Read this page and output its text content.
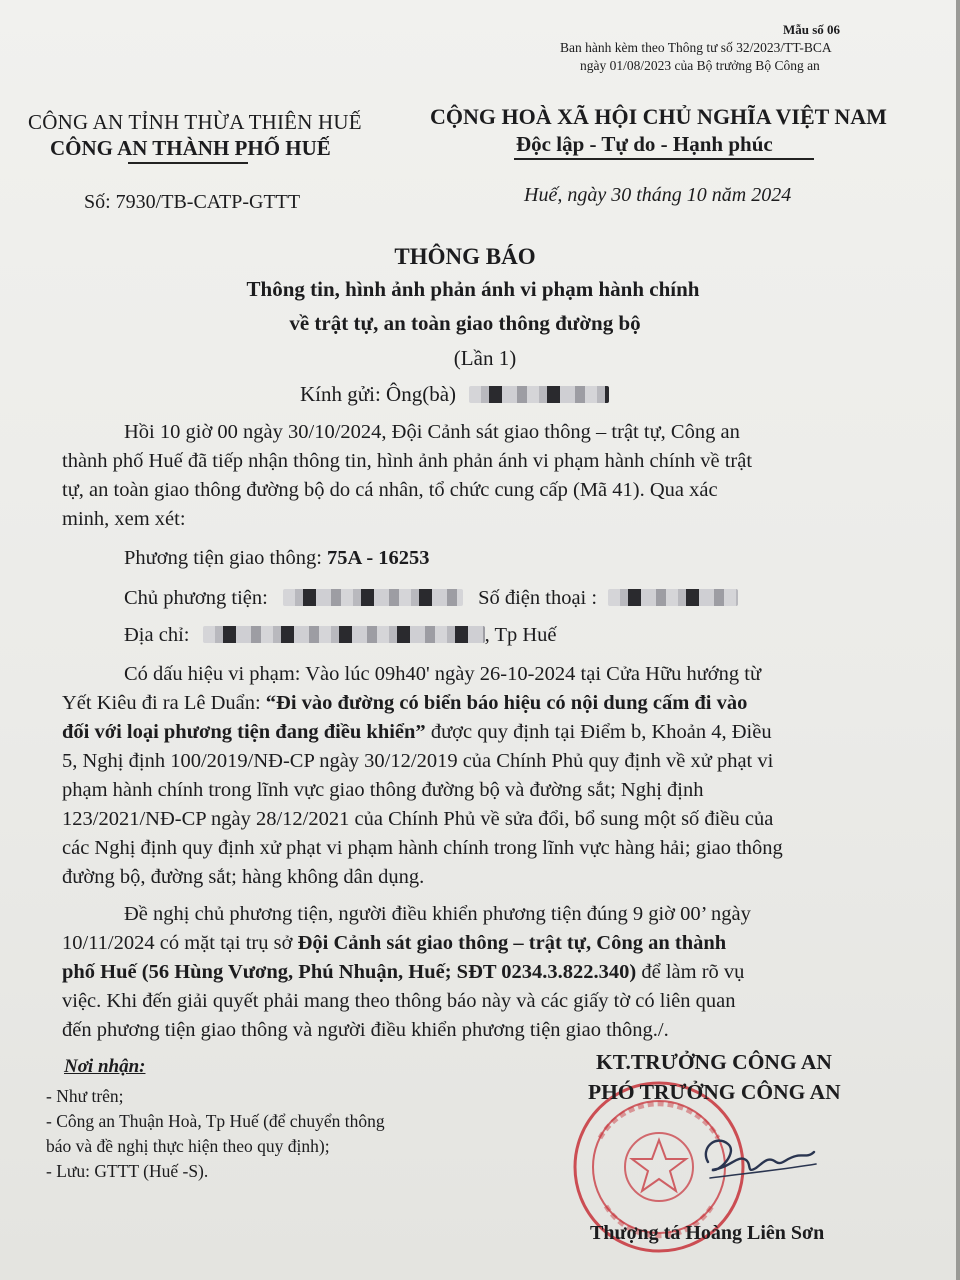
Mẫu số 06
Ban hành kèm theo Thông tư số 32/2023/TT-BCA
ngày 01/08/2023 của Bộ trưởng Bộ Công an
CÔNG AN TỈNH THỪA THIÊN HUẾ
CÔNG AN THÀNH PHỐ HUẾ
CỘNG HOÀ XÃ HỘI CHỦ NGHĨA VIỆT NAM
Độc lập - Tự do - Hạnh phúc
Số: 7930/TB-CATP-GTTT	Huế, ngày 30 tháng 10 năm 2024
THÔNG BÁO
Thông tin, hình ảnh phản ánh vi phạm hành chính
về trật tự, an toàn giao thông đường bộ
(Lần 1)
Kính gửi: Ông(bà)
Hồi 10 giờ 00 ngày 30/10/2024, Đội Cảnh sát giao thông – trật tự, Công an
thành phố Huế đã tiếp nhận thông tin, hình ảnh phản ánh vi phạm hành chính về trật
tự, an toàn giao thông đường bộ do cá nhân, tổ chức cung cấp (Mã 41). Qua xác
minh, xem xét:
Phương tiện giao thông: 75A - 16253
Chủ phương tiện:	Số điện thoại :
Địa chỉ:	, Tp Huế
Có dấu hiệu vi phạm: Vào lúc 09h40' ngày 26-10-2024 tại Cửa Hữu hướng từ
Yết Kiêu đi ra Lê Duẩn: “Đi vào đường có biển báo hiệu có nội dung cấm đi vào
đối với loại phương tiện đang điều khiển” được quy định tại Điểm b, Khoản 4, Điều
5, Nghị định 100/2019/NĐ-CP ngày 30/12/2019 của Chính Phủ quy định về xử phạt vi
phạm hành chính trong lĩnh vực giao thông đường bộ và đường sắt; Nghị định
123/2021/NĐ-CP ngày 28/12/2021 của Chính Phủ về sửa đổi, bổ sung một số điều của
các Nghị định quy định xử phạt vi phạm hành chính trong lĩnh vực hàng hải; giao thông
đường bộ, đường sắt; hàng không dân dụng.
Đề nghị chủ phương tiện, người điều khiển phương tiện đúng 9 giờ 00’ ngày
10/11/2024 có mặt tại trụ sở Đội Cảnh sát giao thông – trật tự, Công an thành
phố Huế (56 Hùng Vương, Phú Nhuận, Huế; SĐT 0234.3.822.340) để làm rõ vụ
việc. Khi đến giải quyết phải mang theo thông báo này và các giấy tờ có liên quan
đến phương tiện giao thông và người điều khiển phương tiện giao thông./.
Nơi nhận:
- Như trên;
- Công an Thuận Hoà, Tp Huế (để chuyển thông
báo và đề nghị thực hiện theo quy định);
- Lưu: GTTT (Huế -S).
KT.TRƯỞNG CÔNG AN
PHÓ TRƯỞNG CÔNG AN
Thượng tá Hoàng Liên Sơn
